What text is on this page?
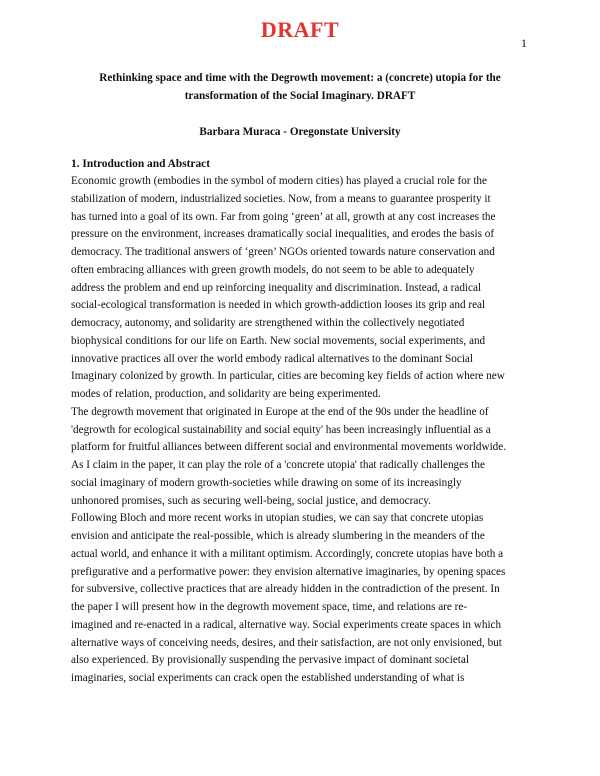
DRAFT
1
Rethinking space and time with the Degrowth movement: a (concrete) utopia for the
transformation of the Social Imaginary. DRAFT
Barbara Muraca - Oregonstate University
1. Introduction and Abstract
Economic growth (embodies in the symbol of modern cities) has played a crucial role for the
stabilization of modern, industrialized societies. Now, from a means to guarantee prosperity it
has turned into a goal of its own. Far from going ‘green’ at all, growth at any cost increases the
pressure on the environment, increases dramatically social inequalities, and erodes the basis of
democracy. The traditional answers of ‘green’ NGOs oriented towards nature conservation and
often embracing alliances with green growth models, do not seem to be able to adequately
address the problem and end up reinforcing inequality and discrimination. Instead, a radical
social-ecological transformation is needed in which growth-addiction looses its grip and real
democracy, autonomy, and solidarity are strengthened within the collectively negotiated
biophysical conditions for our life on Earth. New social movements, social experiments, and
innovative practices all over the world embody radical alternatives to the dominant Social
Imaginary colonized by growth. In particular, cities are becoming key fields of action where new
modes of relation, production, and solidarity are being experimented.
The degrowth movement that originated in Europe at the end of the 90s under the headline of
'degrowth for ecological sustainability and social equity' has been increasingly influential as a
platform for fruitful alliances between different social and environmental movements worldwide.
As I claim in the paper, it can play the role of a 'concrete utopia' that radically challenges the
social imaginary of modern growth-societies while drawing on some of its increasingly
unhonored promises, such as securing well-being, social justice, and democracy.
Following Bloch and more recent works in utopian studies, we can say that concrete utopias
envision and anticipate the real-possible, which is already slumbering in the meanders of the
actual world, and enhance it with a militant optimism. Accordingly, concrete utopias have both a
prefigurative and a performative power: they envision alternative imaginaries, by opening spaces
for subversive, collective practices that are already hidden in the contradiction of the present. In
the paper I will present how in the degrowth movement space, time, and relations are re-
imagined and re-enacted in a radical, alternative way. Social experiments create spaces in which
alternative ways of conceiving needs, desires, and their satisfaction, are not only envisioned, but
also experienced. By provisionally suspending the pervasive impact of dominant societal
imaginaries, social experiments can crack open the established understanding of what is
